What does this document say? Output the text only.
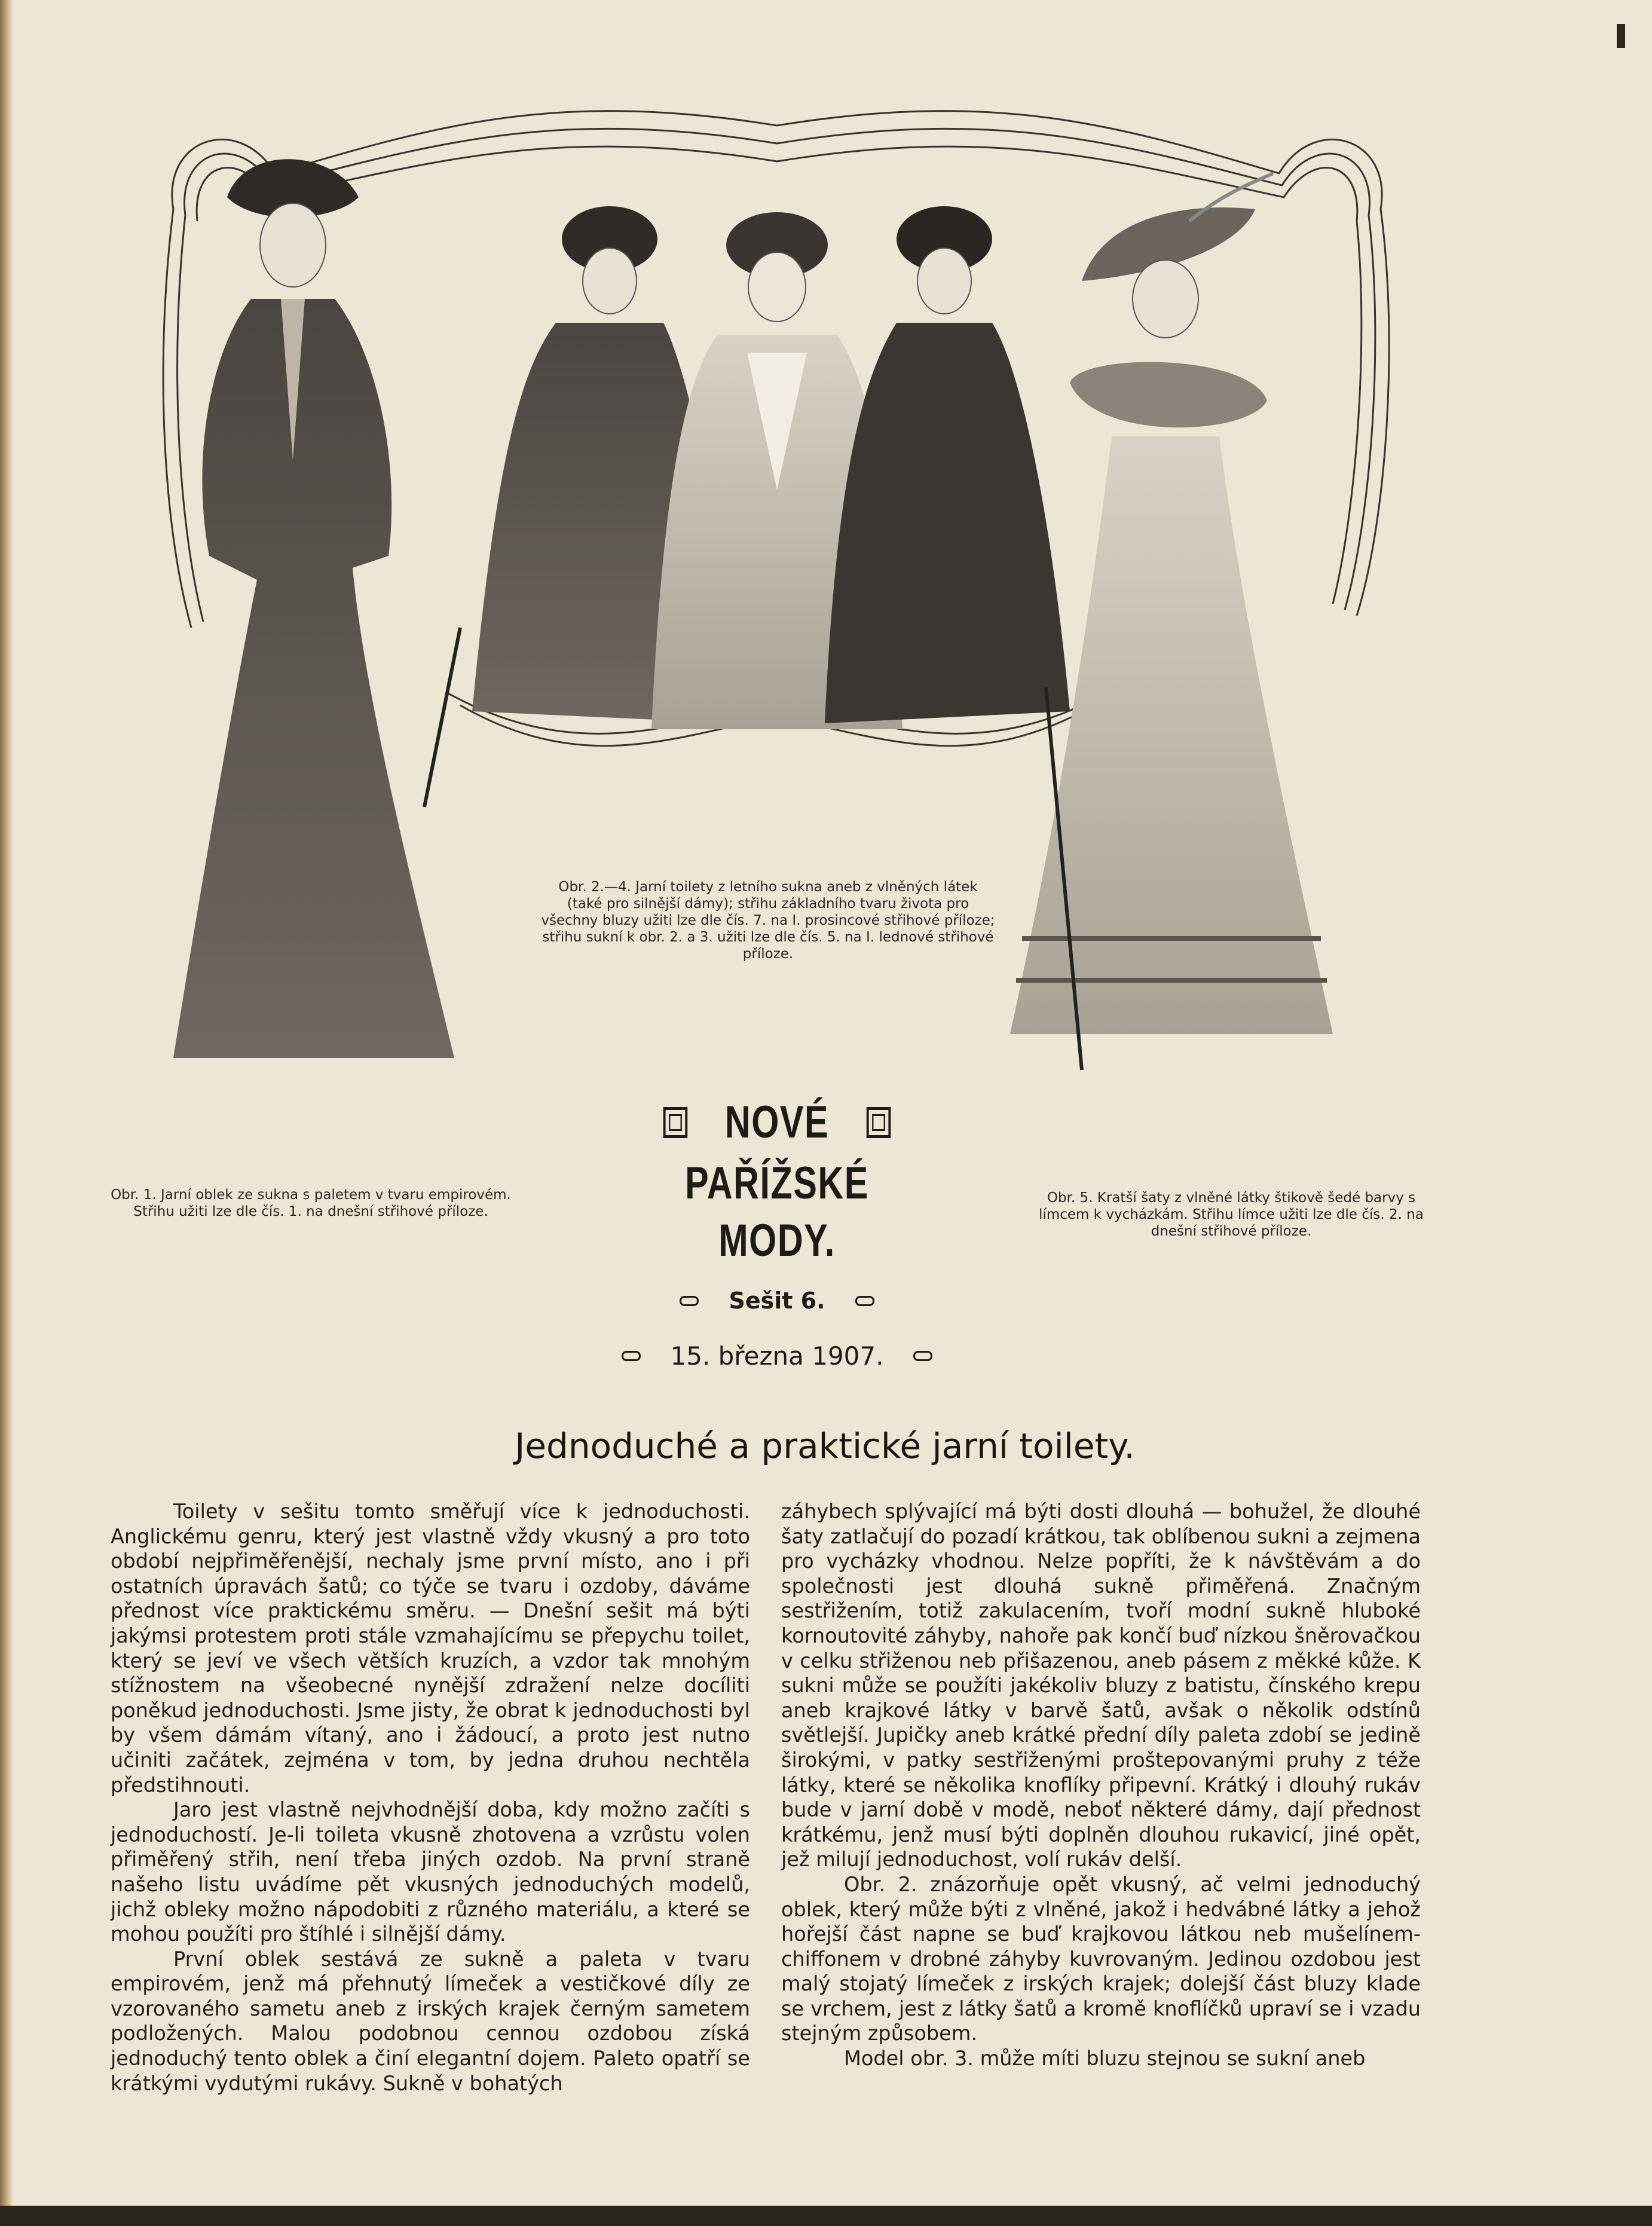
Obr. 1. Jarní oblek ze sukna s paletem v tvaru empirovém. Střihu užiti lze dle čís. 1. na dnešní střihové příloze.
Obr. 2.—4. Jarní toilety z letního sukna aneb z vlněných látek (také pro silnější dámy); střihu základního tvaru života pro všechny bluzy užiti lze dle čís. 7. na I. prosincové střihové příloze; střihu sukní k obr. 2. a 3. užiti lze dle čís. 5. na I. lednové střihové příloze.
Obr. 5. Kratší šaty z vlněné látky štikově šedé barvy s límcem k vycházkám. Střihu límce užiti lze dle čís. 2. na dnešní střihové příloze.
NOVÉ
PAŘÍŽSKÉ MODY.
Sešit 6.
15. března 1907.
Jednoduché a praktické jarní toilety.

Toilety v sešitu tomto směřují více k jednoduchosti. Anglickému genru, který jest vlastně vždy vkusný a pro toto období nejpřiměřenější, nechaly jsme první místo, ano i při ostatních úpravách šatů; co týče se tvaru i ozdoby, dáváme přednost více praktickému směru. — Dnešní sešit má býti jakýmsi protestem proti stále vzmahajícímu se přepychu toilet, který se jeví ve všech větších kruzích, a vzdor tak mnohým stížnostem na všeobecné nynější zdražení nelze docíliti poněkud jednoduchosti. Jsme jisty, že obrat k jednoduchosti byl by všem dámám vítaný, ano i žádoucí, a proto jest nutno učiniti začátek, zejména v tom, by jedna druhou nechtěla předstihnouti.

Jaro jest vlastně nejvhodnější doba, kdy možno začíti s jednoduchostí. Je-li toileta vkusně zhotovena a vzrůstu volen přiměřený střih, není třeba jiných ozdob. Na první straně našeho listu uvádíme pět vkusných jednoduchých modelů, jichž obleky možno nápodobiti z různého materiálu, a které se mohou použíti pro štíhlé i silnější dámy.

První oblek sestává ze sukně a paleta v tvaru empirovém, jenž má přehnutý límeček a vestičkové díly ze vzorovaného sametu aneb z irských krajek černým sametem podložených. Malou podobnou cennou ozdobou získá jednoduchý tento oblek a činí elegantní dojem. Paleto opatří se krátkými vydutými rukávy. Sukně v bohatých

záhybech splývající má býti dosti dlouhá — bohužel, že dlouhé šaty zatlačují do pozadí krátkou, tak oblíbenou sukni a zejmena pro vycházky vhodnou. Nelze popříti, že k návštěvám a do společnosti jest dlouhá sukně přiměřená. Značným sestřižením, totiž zakulacením, tvoří modní sukně hluboké kornoutovité záhyby, nahoře pak končí buď nízkou šněrovačkou v celku střiženou neb přišazenou, aneb pásem z měkké kůže. K sukni může se použíti jakékoliv bluzy z batistu, čínského krepu aneb krajkové látky v barvě šatů, avšak o několik odstínů světlejší. Jupičky aneb krátké přední díly paleta zdobí se jedině širokými, v patky sestřiženými proštepovanými pruhy z téže látky, které se několika knoflíky připevní. Krátký i dlouhý rukáv bude v jarní době v modě, neboť některé dámy, dají přednost krátkému, jenž musí býti doplněn dlouhou rukavicí, jiné opět, jež milují jednoduchost, volí rukáv delší.

Obr. 2. znázorňuje opět vkusný, ač velmi jednoduchý oblek, který může býti z vlněné, jakož i hedvábné látky a jehož hořejší část napne se buď krajkovou látkou neb mušelínem-chiffonem v drobné záhyby kuvrovaným. Jedinou ozdobou jest malý stojatý límeček z irských krajek; dolejší část bluzy klade se vrchem, jest z látky šatů a kromě knoflíčků upraví se i vzadu stejným způsobem.

Model obr. 3. může míti bluzu stejnou se sukní aneb
